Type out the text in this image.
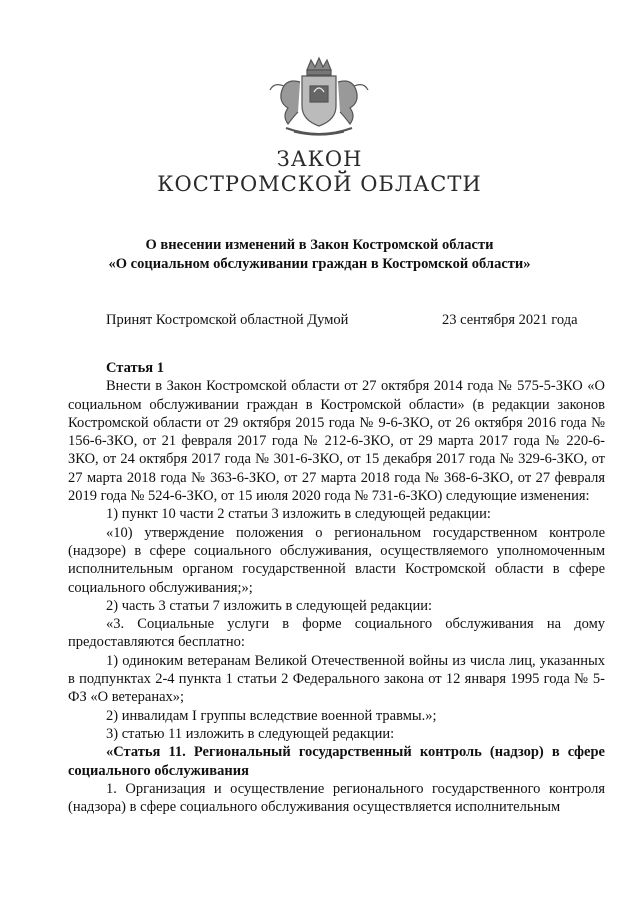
ЗАКОН
КОСТРОМСКОЙ ОБЛАСТИ
О внесении изменений в Закон Костромской области
«О социальном обслуживании граждан в Костромской области»
Принят Костромской областной Думой	23 сентября 2021 года

Статья 1

Внести в Закон Костромской области от 27 октября 2014 года № 575-5-ЗКО «О социальном обслуживании граждан в Костромской области» (в редакции законов Костромской области от 29 октября 2015 года № 9-6-ЗКО, от 26 октября 2016 года № 156-6-ЗКО, от 21 февраля 2017 года № 212-6-ЗКО, от 29 марта 2017 года № 220-6-ЗКО, от 24 октября 2017 года № 301-6-ЗКО, от 15 декабря 2017 года № 329-6-ЗКО, от 27 марта 2018 года № 363-6-ЗКО, от 27 марта 2018 года № 368-6-ЗКО, от 27 февраля 2019 года № 524-6-ЗКО, от 15 июля 2020 года № 731-6-ЗКО) следующие изменения:

1) пункт 10 части 2 статьи 3 изложить в следующей редакции:

«10) утверждение положения о региональном государственном контроле (надзоре) в сфере социального обслуживания, осуществляемого уполномоченным исполнительным органом государственной власти Костромской области в сфере социального обслуживания;»;

2) часть 3 статьи 7 изложить в следующей редакции:

«3. Социальные услуги в форме социального обслуживания на дому предоставляются бесплатно:

1) одиноким ветеранам Великой Отечественной войны из числа лиц, указанных в подпунктах 2-4 пункта 1 статьи 2 Федерального закона от 12 января 1995 года № 5-ФЗ «О ветеранах»;

2) инвалидам I группы вследствие военной травмы.»;

3) статью 11 изложить в следующей редакции:

«Статья 11. Региональный государственный контроль (надзор) в сфере социального обслуживания

1. Организация и осуществление регионального государственного контроля (надзора) в сфере социального обслуживания осуществляется исполнительным
